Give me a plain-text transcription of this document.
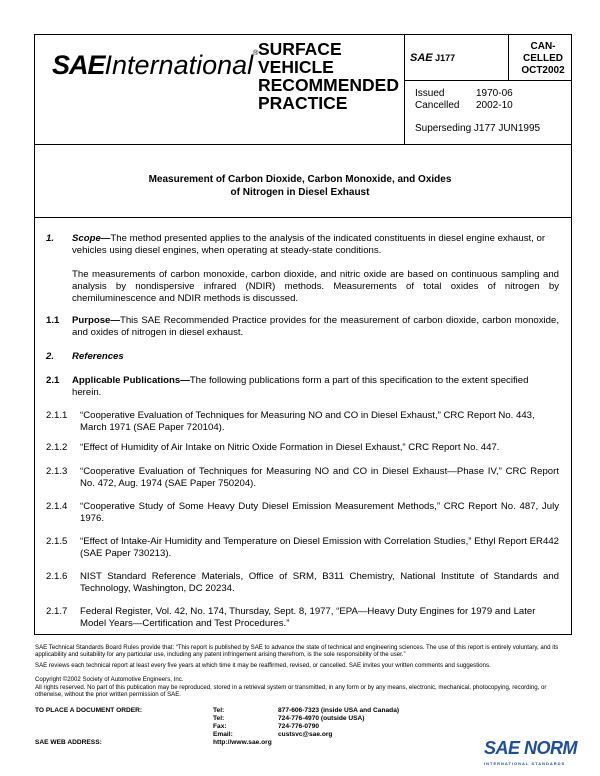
SAEInternational® SURFACE
VEHICLE
RECOMMENDED
PRACTICE
SAE J177
CAN-
CELLED
OCT2002
Issued	1970-06
Cancelled	2002-10
Superseding J177 JUN1995
Measurement of Carbon Dioxide, Carbon Monoxide, and Oxides
of Nitrogen in Diesel Exhaust
1. Scope—The method presented applies to the analysis of the indicated constituents in diesel engine exhaust, or vehicles using diesel engines, when operating at steady-state conditions.
The measurements of carbon monoxide, carbon dioxide, and nitric oxide are based on continuous sampling and analysis by nondispersive infrared (NDIR) methods. Measurements of total oxides of nitrogen by chemiluminescence and NDIR methods is discussed.
1.1 Purpose—This SAE Recommended Practice provides for the measurement of carbon dioxide, carbon monoxide, and oxides of nitrogen in diesel exhaust.
2. References
2.1 Applicable Publications—The following publications form a part of this specification to the extent specified herein.
2.1.1 “Cooperative Evaluation of Techniques for Measuring NO and CO in Diesel Exhaust,” CRC Report No. 443, March 1971 (SAE Paper 720104).
2.1.2 “Effect of Humidity of Air Intake on Nitric Oxide Formation in Diesel Exhaust,” CRC Report No. 447.
2.1.3 “Cooperative Evaluation of Techniques for Measuring NO and CO in Diesel Exhaust—Phase IV,” CRC Report No. 472, Aug. 1974 (SAE Paper 750204).
2.1.4 “Cooperative Study of Some Heavy Duty Diesel Emission Measurement Methods,” CRC Report No. 487, July 1976.
2.1.5 “Effect of Intake-Air Humidity and Temperature on Diesel Emission with Correlation Studies,” Ethyl Report ER442 (SAE Paper 730213).
2.1.6 NIST Standard Reference Materials, Office of SRM, B311 Chemistry, National Institute of Standards and Technology, Washington, DC 20234.
2.1.7 Federal Register, Vol. 42, No. 174, Thursday, Sept. 8, 1977, “EPA—Heavy Duty Engines for 1979 and Later Model Years—Certification and Test Procedures.”
SAE Technical Standards Board Rules provide that: “This report is published by SAE to advance the state of technical and engineering sciences. The use of this report is entirely voluntary, and its applicability and suitability for any particular use, including any patent infringement arising therefrom, is the sole responsibility of the user.”
SAE reviews each technical report at least every five years at which time it may be reaffirmed, revised, or cancelled. SAE invites your written comments and suggestions.
Copyright ©2002 Society of Automotive Engineers, Inc.
All rights reserved. No part of this publication may be reproduced, stored in a retrieval system or transmitted, in any form or by any means, electronic, mechanical, photocopying, recording, or otherwise, without the prior written permission of SAE.
TO PLACE A DOCUMENT ORDER:	Tel:	877-606-7323 (inside USA and Canada)
Tel:	724-776-4970 (outside USA)
Fax:	724-776-0790
Email:	custsvc@sae.org
SAE WEB ADDRESS:	http://www.sae.org	SAE NORM
INTERNATIONAL STANDARDS
